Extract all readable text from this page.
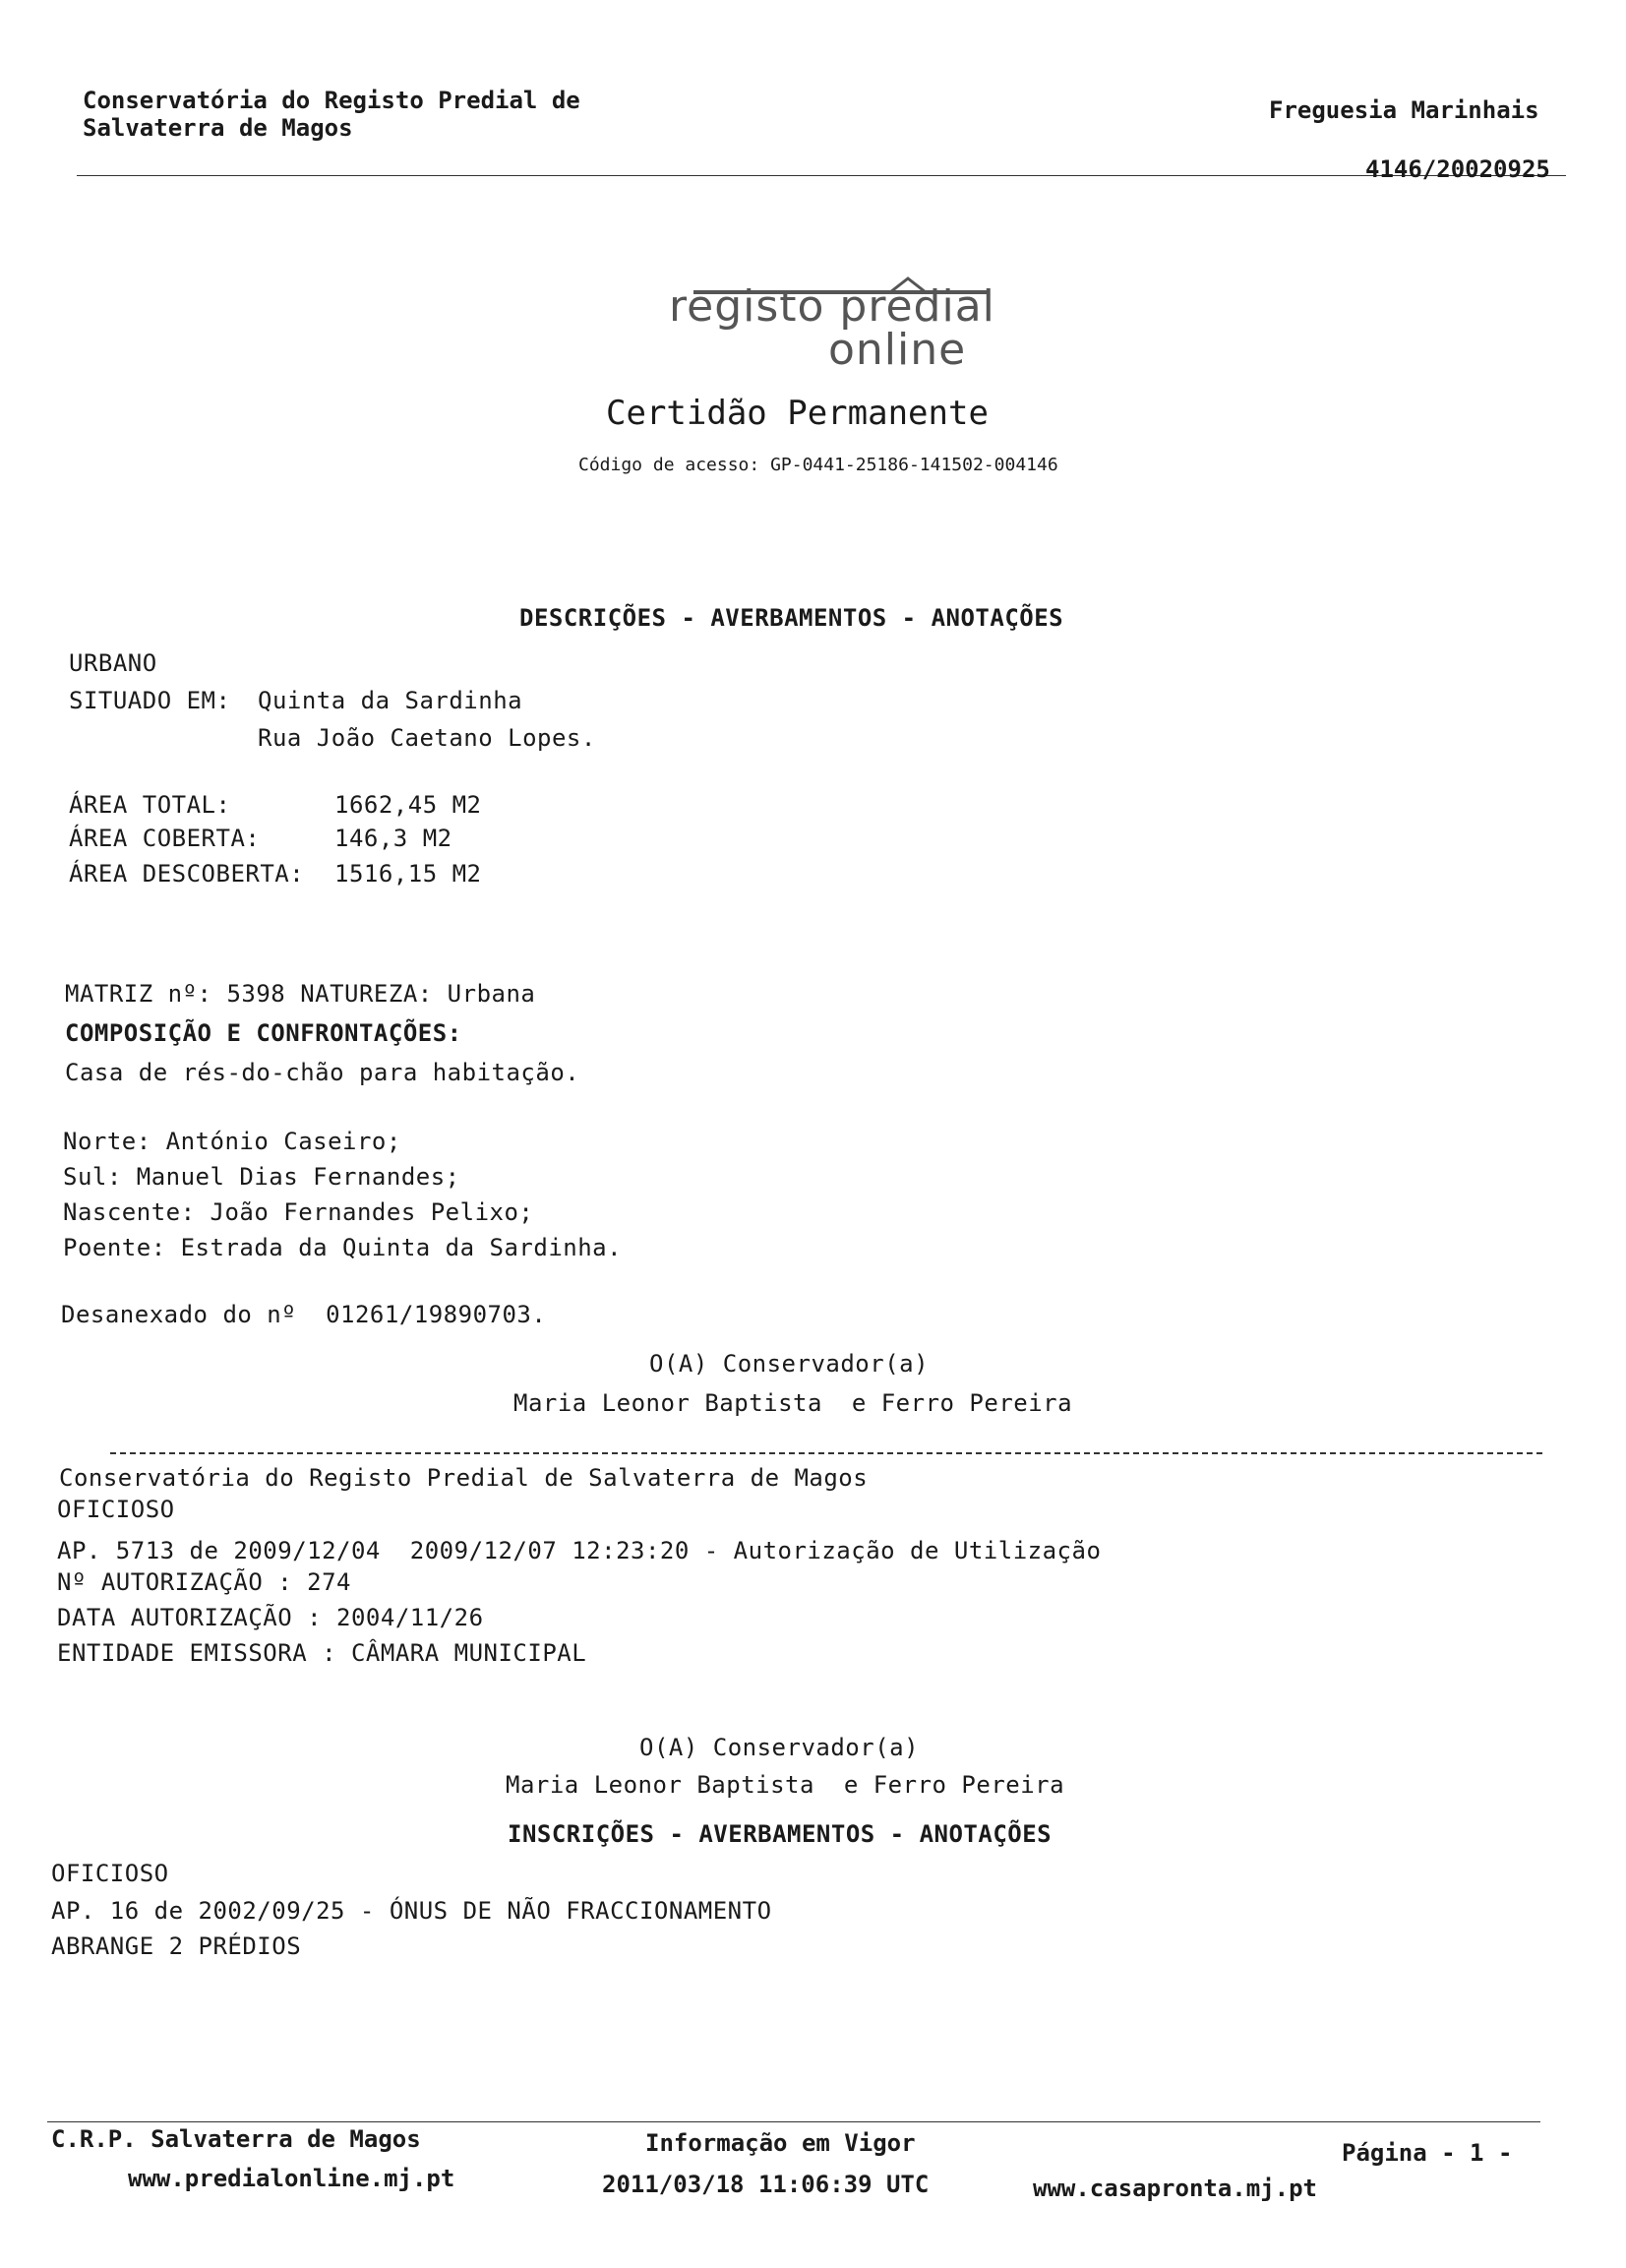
Conservatória do Registo Predial de
Salvaterra de Magos
Freguesia Marinhais
4146/20020925

registo predial
online
Certidão Permanente
Código de acesso: GP-0441-25186-141502-004146
DESCRIÇÕES - AVERBAMENTOS - ANOTAÇÕES
URBANO
SITUADO EM: Quinta da Sardinha
Rua João Caetano Lopes.
ÁREA TOTAL:	1662,45 M2
ÁREA COBERTA:	146,3 M2
ÁREA DESCOBERTA: 1516,15 M2
MATRIZ nº: 5398 NATUREZA: Urbana
COMPOSIÇÃO E CONFRONTAÇÕES:
Casa de rés-do-chão para habitação.
Norte: António Caseiro;
Sul: Manuel Dias Fernandes;
Nascente: João Fernandes Pelixo;
Poente: Estrada da Quinta da Sardinha.
Desanexado do nº  01261/19890703.
O(A) Conservador(a)
Maria Leonor Baptista  e Ferro Pereira
Conservatória do Registo Predial de Salvaterra de Magos
OFICIOSO
AP. 5713 de 2009/12/04  2009/12/07 12:23:20 - Autorização de Utilização
Nº AUTORIZAÇÃO : 274
DATA AUTORIZAÇÃO : 2004/11/26
ENTIDADE EMISSORA : CÂMARA MUNICIPAL
O(A) Conservador(a)
Maria Leonor Baptista  e Ferro Pereira
INSCRIÇÕES - AVERBAMENTOS - ANOTAÇÕES
OFICIOSO
AP. 16 de 2002/09/25 - ÓNUS DE NÃO FRACCIONAMENTO
ABRANGE 2 PRÉDIOS
C.R.P. Salvaterra de Magos
www.predialonline.mj.pt
Informação em Vigor
2011/03/18 11:06:39 UTC
Página - 1 -
www.casapronta.mj.pt
